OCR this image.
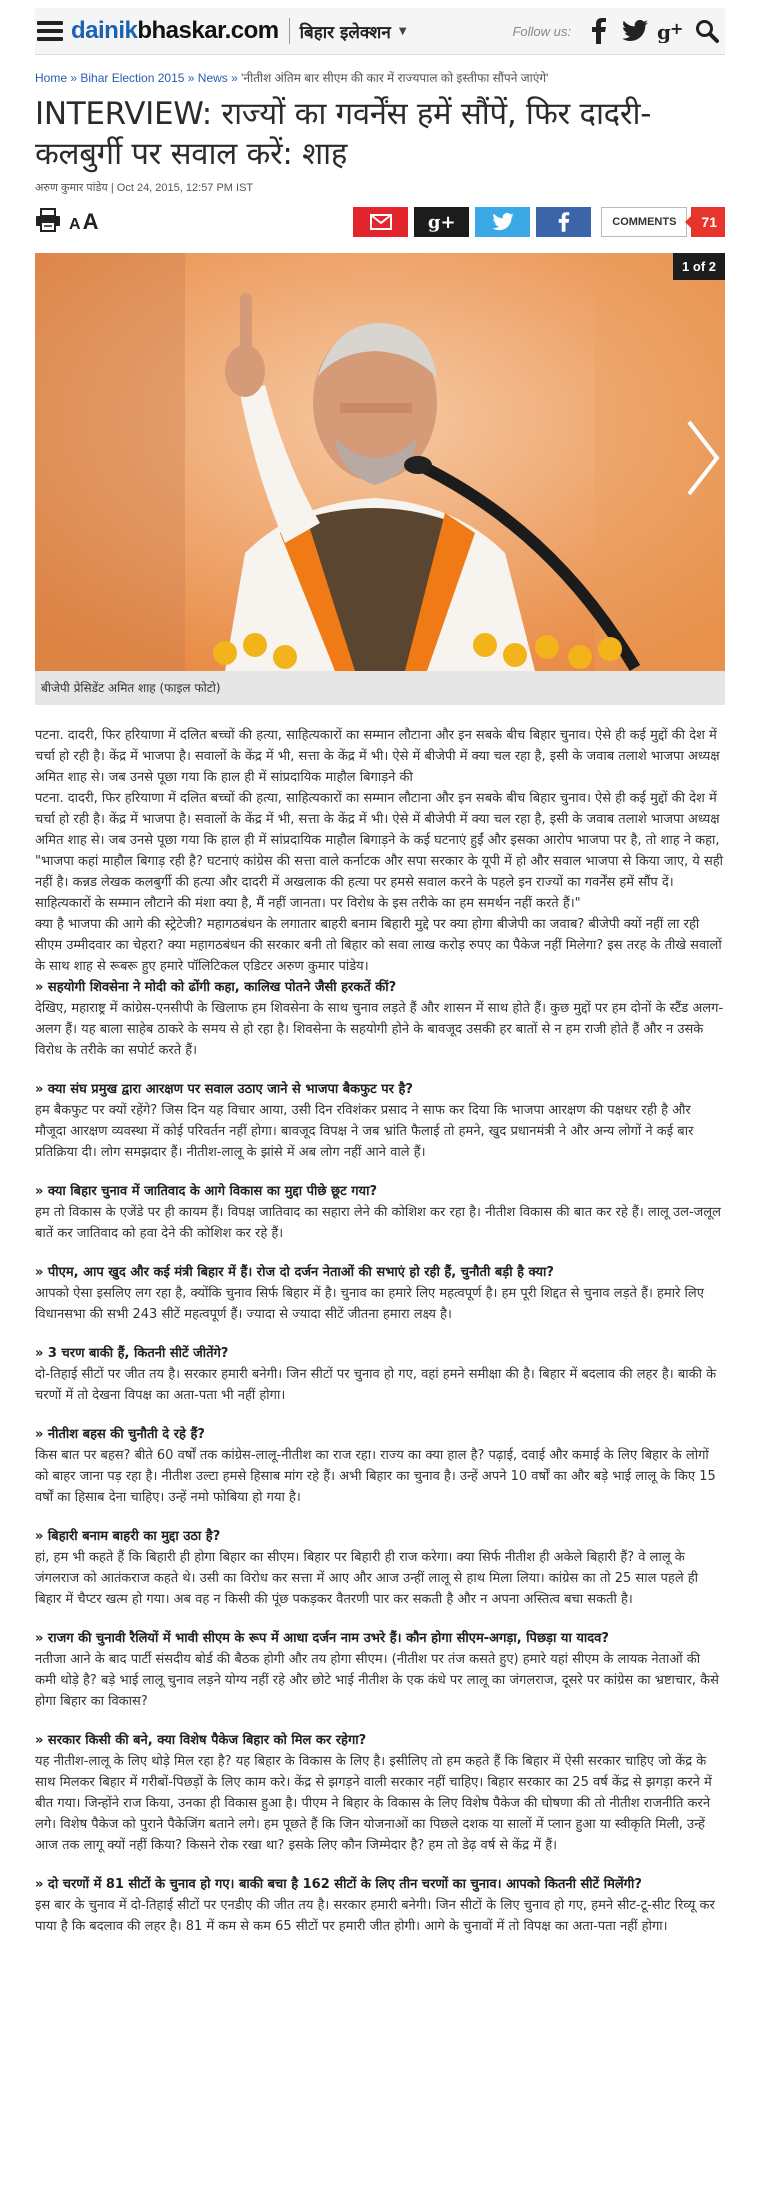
dainikbhaskar.com बिहार इलेक्शन ▼	Follow us:	g +
Home » Bihar Election 2015 » News » 'नीतीश अंतिम बार सीएम की कार में राज्यपाल को इस्तीफा सौंपने जाएंगे'
INTERVIEW: राज्यों का गवर्नेंस हमें सौंपें, फिर दादरी-
कलबुर्गी पर सवाल करें: शाह
अरुण कुमार पांडेय | Oct 24, 2015, 12:57 PM IST
AA	g+	COMMENTS	71
1 of 2
बीजेपी प्रेसिडेंट अमित शाह (फाइल फोटो)

पटना. दादरी, फिर हरियाणा में दलित बच्चों की हत्या, साहित्यकारों का सम्मान लौटाना और इन सबके बीच बिहार चुनाव। ऐसे ही कई मुद्दों की देश में चर्चा हो रही है। केंद्र में भाजपा है। सवालों के केंद्र में भी, सत्ता के केंद्र में भी। ऐसे में बीजेपी में क्या चल रहा है, इसी के जवाब तलाशे भाजपा अध्यक्ष अमित शाह से। जब उनसे पूछा गया कि हाल ही में सांप्रदायिक माहौल बिगाड़ने की

पटना. दादरी, फिर हरियाणा में दलित बच्चों की हत्या, साहित्यकारों का सम्मान लौटाना और इन सबके बीच बिहार चुनाव। ऐसे ही कई मुद्दों की देश में चर्चा हो रही है। केंद्र में भाजपा है। सवालों के केंद्र में भी, सत्ता के केंद्र में भी। ऐसे में बीजेपी में क्या चल रहा है, इसी के जवाब तलाशे भाजपा अध्यक्ष अमित शाह से। जब उनसे पूछा गया कि हाल ही में सांप्रदायिक माहौल बिगाड़ने के कई घटनाएं हुईं और इसका आरोप भाजपा पर है, तो शाह ने कहा, "भाजपा कहां माहौल बिगाड़ रही है? घटनाएं कांग्रेस की सत्ता वाले कर्नाटक और सपा सरकार के यूपी में हो और सवाल भाजपा से किया जाए, ये सही नहीं है। कन्नड लेखक कलबुर्गी की हत्या और दादरी में अखलाक की हत्या पर हमसे सवाल करने के पहले इन राज्यों का गवर्नेंस हमें सौंप दें। साहित्यकारों के सम्मान लौटाने की मंशा क्या है, मैं नहीं जानता। पर विरोध के इस तरीके का हम समर्थन नहीं करते हैं।"

क्या है भाजपा की आगे की स्ट्रेटेजी? महागठबंधन के लगातार बाहरी बनाम बिहारी मुद्दे पर क्या होगा बीजेपी का जवाब? बीजेपी क्यों नहीं ला रही सीएम उम्मीदवार का चेहरा? क्या महागठबंधन की सरकार बनी तो बिहार को सवा लाख करोड़ रुपए का पैकेज नहीं मिलेगा? इस तरह के तीखे सवालों के साथ शाह से रूबरू हुए हमारे पॉलिटिकल एडिटर अरुण कुमार पांडेय।

» सहयोगी शिवसेना ने मोदी को ढोंगी कहा, कालिख पोतने जैसी हरकतें कीं?

देखिए, महाराष्ट्र में कांग्रेस-एनसीपी के खिलाफ हम शिवसेना के साथ चुनाव लड़ते हैं और शासन में साथ होते हैं। कुछ मुद्दों पर हम दोनों के स्टैंड अलग-अलग हैं। यह बाला साहेब ठाकरे के समय से हो रहा है। शिवसेना के सहयोगी होने के बावजूद उसकी हर बातों से न हम राजी होते हैं और न उसके विरोध के तरीके का सपोर्ट करते हैं।

» क्या संघ प्रमुख द्वारा आरक्षण पर सवाल उठाए जाने से भाजपा बैकफुट पर है?

हम बैकफुट पर क्यों रहेंगे? जिस दिन यह विचार आया, उसी दिन रविशंकर प्रसाद ने साफ कर दिया कि भाजपा आरक्षण की पक्षधर रही है और मौजूदा आरक्षण व्यवस्था में कोई परिवर्तन नहीं होगा। बावजूद विपक्ष ने जब भ्रांति फैलाई तो हमने, खुद प्रधानमंत्री ने और अन्य लोगों ने कई बार प्रतिक्रिया दी। लोग समझदार हैं। नीतीश-लालू के झांसे में अब लोग नहीं आने वाले हैं।

» क्या बिहार चुनाव में जातिवाद के आगे विकास का मुद्दा पीछे छूट गया?

हम तो विकास के एजेंडे पर ही कायम हैं। विपक्ष जातिवाद का सहारा लेने की कोशिश कर रहा है। नीतीश विकास की बात कर रहे हैं। लालू उल-जलूल बातें कर जातिवाद को हवा देने की कोशिश कर रहे हैं।

» पीएम, आप खुद और कई मंत्री बिहार में हैं। रोज दो दर्जन नेताओं की सभाएं हो रही हैं, चुनौती बड़ी है क्या?

आपको ऐसा इसलिए लग रहा है, क्योंकि चुनाव सिर्फ बिहार में है। चुनाव का हमारे लिए महत्वपूर्ण है। हम पूरी शिद्दत से चुनाव लड़ते हैं। हमारे लिए विधानसभा की सभी 243 सीटें महत्वपूर्ण हैं। ज्यादा से ज्यादा सीटें जीतना हमारा लक्ष्य है।

» 3 चरण बाकी हैं, कितनी सीटें जीतेंगे?

दो-तिहाई सीटों पर जीत तय है। सरकार हमारी बनेगी। जिन सीटों पर चुनाव हो गए, वहां हमने समीक्षा की है। बिहार में बदलाव की लहर है। बाकी के चरणों में तो देखना विपक्ष का अता-पता भी नहीं होगा।

» नीतीश बहस की चुनौती दे रहे हैं?

किस बात पर बहस? बीते 60 वर्षों तक कांग्रेस-लालू-नीतीश का राज रहा। राज्य का क्या हाल है? पढ़ाई, दवाई और कमाई के लिए बिहार के लोगों को बाहर जाना पड़ रहा है। नीतीश उल्टा हमसे हिसाब मांग रहे हैं। अभी बिहार का चुनाव है। उन्हें अपने 10 वर्षों का और बड़े भाई लालू के किए 15 वर्षों का हिसाब देना चाहिए। उन्हें नमो फोबिया हो गया है।

» बिहारी बनाम बाहरी का मुद्दा उठा है?

हां, हम भी कहते हैं कि बिहारी ही होगा बिहार का सीएम। बिहार पर बिहारी ही राज करेगा। क्या सिर्फ नीतीश ही अकेले बिहारी हैं? वे लालू के जंगलराज को आतंकराज कहते थे। उसी का विरोध कर सत्ता में आए और आज उन्हीं लालू से हाथ मिला लिया। कांग्रेस का तो 25 साल पहले ही बिहार में चैप्टर खत्म हो गया। अब वह न किसी की पूंछ पकड़कर वैतरणी पार कर सकती है और न अपना अस्तित्व बचा सकती है।

» राजग की चुनावी रैलियों में भावी सीएम के रूप में आधा दर्जन नाम उभरे हैं। कौन होगा सीएम-अगड़ा, पिछड़ा या यादव?

नतीजा आने के बाद पार्टी संसदीय बोर्ड की बैठक होगी और तय होगा सीएम। (नीतीश पर तंज कसते हुए) हमारे यहां सीएम के लायक नेताओं की कमी थोड़े है? बड़े भाई लालू चुनाव लड़ने योग्य नहीं रहे और छोटे भाई नीतीश के एक कंधे पर लालू का जंगलराज, दूसरे पर कांग्रेस का भ्रष्टाचार, कैसे होगा बिहार का विकास?

» सरकार किसी की बने, क्या विशेष पैकेज बिहार को मिल कर रहेगा?

यह नीतीश-लालू के लिए थोड़े मिल रहा है? यह बिहार के विकास के लिए है। इसीलिए तो हम कहते हैं कि बिहार में ऐसी सरकार चाहिए जो केंद्र के साथ मिलकर बिहार में गरीबों-पिछड़ों के लिए काम करे। केंद्र से झगड़ने वाली सरकार नहीं चाहिए। बिहार सरकार का 25 वर्ष केंद्र से झगड़ा करने में बीत गया। जिन्होंने राज किया, उनका ही विकास हुआ है। पीएम ने बिहार के विकास के लिए विशेष पैकेज की घोषणा की तो नीतीश राजनीति करने लगे। विशेष पैकेज को पुराने पैकेजिंग बताने लगे। हम पूछते हैं कि जिन योजनाओं का पिछले दशक या सालों में प्लान हुआ या स्वीकृति मिली, उन्हें आज तक लागू क्यों नहीं किया? किसने रोक रखा था? इसके लिए कौन जिम्मेदार है? हम तो डेढ़ वर्ष से केंद्र में हैं।

» दो चरणों में 81 सीटों के चुनाव हो गए। बाकी बचा है 162 सीटों के लिए तीन चरणों का चुनाव। आपको कितनी सीटें मिलेंगी?

इस बार के चुनाव में दो-तिहाई सीटों पर एनडीए की जीत तय है। सरकार हमारी बनेगी। जिन सीटों के लिए चुनाव हो गए, हमने सीट-टू-सीट रिव्यू कर पाया है कि बदलाव की लहर है। 81 में कम से कम 65 सीटों पर हमारी जीत होगी। आगे के चुनावों में तो विपक्ष का अता-पता नहीं होगा।
